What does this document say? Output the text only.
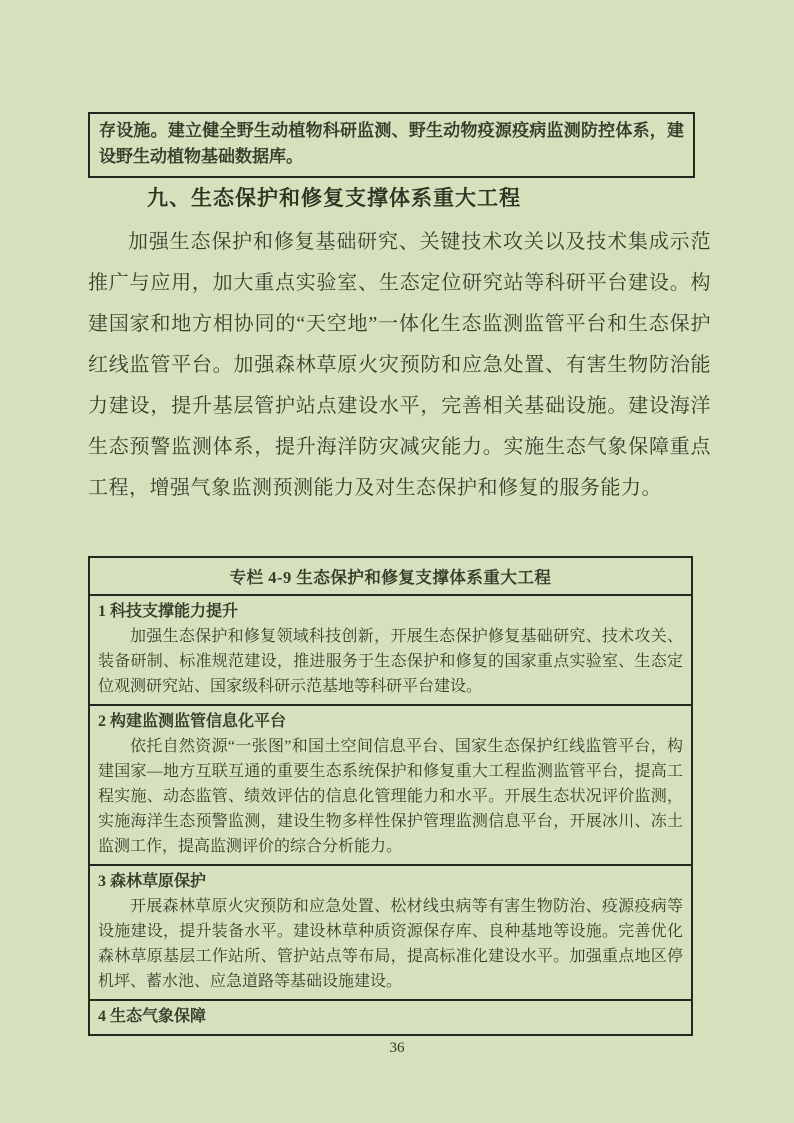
存设施。建立健全野生动植物科研监测、野生动物疫源疫病监测防控体系，建设野生动植物基础数据库。
九、生态保护和修复支撑体系重大工程
加强生态保护和修复基础研究、关键技术攻关以及技术集成示范推广与应用，加大重点实验室、生态定位研究站等科研平台建设。构建国家和地方相协同的“天空地”一体化生态监测监管平台和生态保护红线监管平台。加强森林草原火灾预防和应急处置、有害生物防治能力建设，提升基层管护站点建设水平，完善相关基础设施。建设海洋生态预警监测体系，提升海洋防灾减灾能力。实施生态气象保障重点工程，增强气象监测预测能力及对生态保护和修复的服务能力。
专栏 4-9 生态保护和修复支撑体系重大工程
1 科技支撑能力提升
加强生态保护和修复领域科技创新，开展生态保护修复基础研究、技术攻关、装备研制、标准规范建设，推进服务于生态保护和修复的国家重点实验室、生态定位观测研究站、国家级科研示范基地等科研平台建设。
2 构建监测监管信息化平台
依托自然资源“一张图”和国土空间信息平台、国家生态保护红线监管平台，构建国家—地方互联互通的重要生态系统保护和修复重大工程监测监管平台，提高工程实施、动态监管、绩效评估的信息化管理能力和水平。开展生态状况评价监测，实施海洋生态预警监测，建设生物多样性保护管理监测信息平台，开展冰川、冻土监测工作，提高监测评价的综合分析能力。
3 森林草原保护
开展森林草原火灾预防和应急处置、松材线虫病等有害生物防治、疫源疫病等设施建设，提升装备水平。建设林草种质资源保存库、良种基地等设施。完善优化森林草原基层工作站所、管护站点等布局，提高标准化建设水平。加强重点地区停机坪、蓄水池、应急道路等基础设施建设。
4 生态气象保障
36
